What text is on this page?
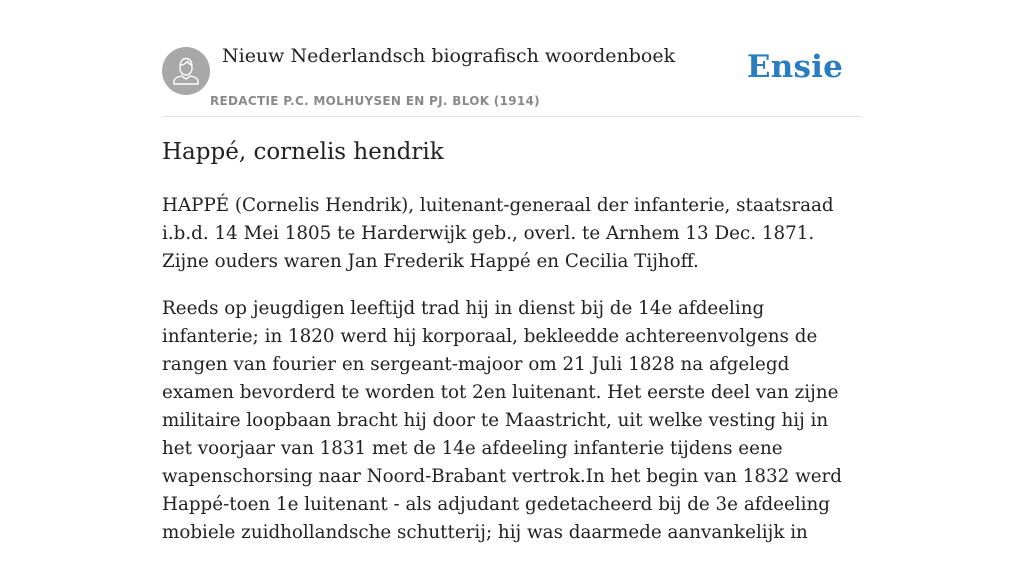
Nieuw Nederlandsch biografisch woordenboek
REDACTIE P.C. MOLHUYSEN EN PJ. BLOK (1914)
Ensie
Happé, cornelis hendrik

HAPPÉ (Cornelis Hendrik), luitenant-generaal der infanterie, staatsraad i.b.d. 14 Mei 1805 te Harderwijk geb., overl. te Arnhem 13 Dec. 1871. Zijne ouders waren Jan Frederik Happé en Cecilia Tijhoff.

Reeds op jeugdigen leeftijd trad hij in dienst bij de 14e afdeeling infanterie; in 1820 werd hij korporaal, bekleedde achtereenvolgens de rangen van fourier en sergeant-majoor om 21 Juli 1828 na afgelegd examen bevorderd te worden tot 2en luitenant. Het eerste deel van zijne militaire loopbaan bracht hij door te Maastricht, uit welke vesting hij in het voorjaar van 1831 met de 14e afdeeling infanterie tijdens eene wapenschorsing naar Noord-Brabant vertrok.In het begin van 1832 werd Happé-toen 1e luitenant - als adjudant gedetacheerd bij de 3e afdeeling mobiele zuidhollandsche schutterij; hij was daarmede aanvankelijk in
